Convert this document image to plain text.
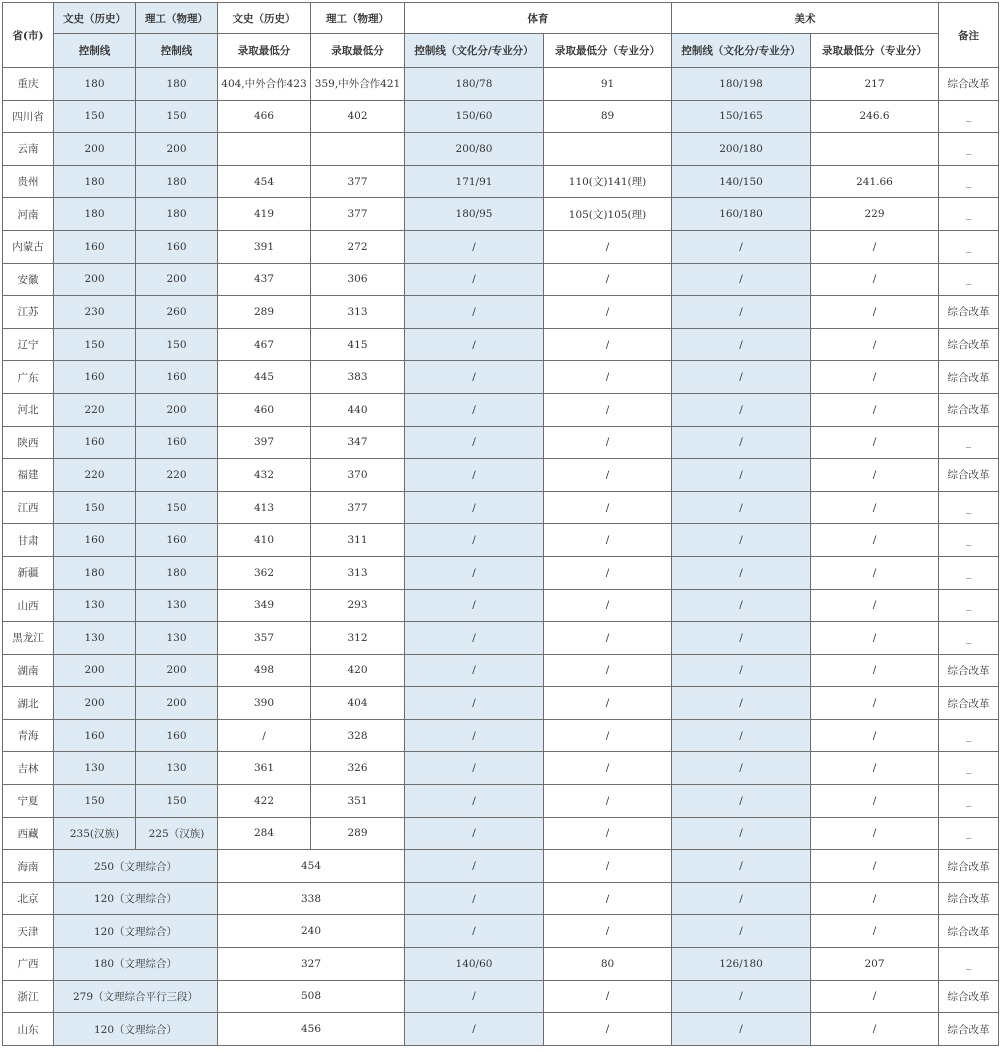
省(市)	文史（历史）	理工（物理）	文史（历史）	理工（物理）	体育		美术		备注
	控制线	控制线	录取最低分	录取最低分	控制线（文化分/专业分）	录取最低分（专业分）	控制线（文化分/专业分）	录取最低分（专业分）	
重庆	180	180	404,中外合作423	359,中外合作421	180/78	91	180/198	217	综合改革
四川省	150	150	466	402	150/60	89	150/165	246.6	_
云南	200	200			200/80		200/180		_
贵州	180	180	454	377	171/91	110(文)141(理)	140/150	241.66	_
河南	180	180	419	377	180/95	105(文)105(理)	160/180	229	_
内蒙古	160	160	391	272	/	/	/	/	_
安徽	200	200	437	306	/	/	/	/	_
江苏	230	260	289	313	/	/	/	/	综合改革
辽宁	150	150	467	415	/	/	/	/	综合改革
广东	160	160	445	383	/	/	/	/	综合改革
河北	220	200	460	440	/	/	/	/	综合改革
陕西	160	160	397	347	/	/	/	/	_
福建	220	220	432	370	/	/	/	/	综合改革
江西	150	150	413	377	/	/	/	/	_
甘肃	160	160	410	311	/	/	/	/	_
新疆	180	180	362	313	/	/	/	/	_
山西	130	130	349	293	/	/	/	/	_
黑龙江	130	130	357	312	/	/	/	/	_
湖南	200	200	498	420	/	/	/	/	综合改革
湖北	200	200	390	404	/	/	/	/	综合改革
青海	160	160	/	328	/	/	/	/	_
吉林	130	130	361	326	/	/	/	/	_
宁夏	150	150	422	351	/	/	/	/	_
西藏	235(汉族)	225（汉族)	284	289	/	/	/	/	_
海南	250（文理综合）		454		/	/	/	/	综合改革
北京	120（文理综合）		338		/	/	/	/	综合改革
天津	120（文理综合）		240		/	/	/	/	综合改革
广西	180（文理综合）		327		140/60	80	126/180	207	_
浙江	279（文理综合平行三段）		508		/	/	/	/	综合改革
山东	120（文理综合）		456		/	/	/	/	综合改革
